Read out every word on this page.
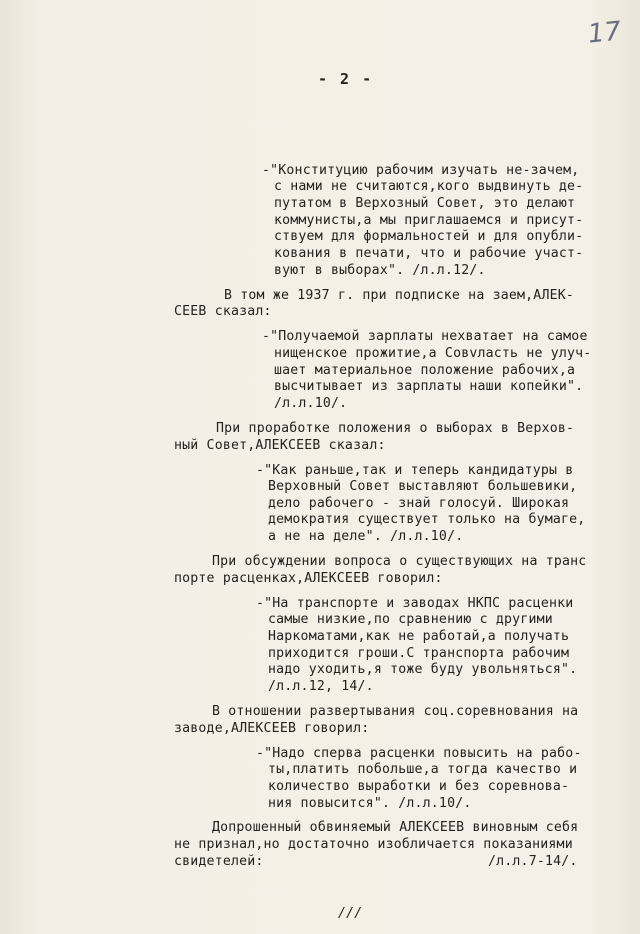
17
- 2 -
-"Конституцию рабочим изучать не-зачем,
с нами не считаются,кого выдвинуть де-
путатом в Верхозный Совет, это делают
коммунисты,а мы приглашаемся и присут-
ствуем для формальностей и для опубли-
кования в печати, что и рабочие участ-
вуют в выборах". /л.л.12/.
В том же 1937 г. при подписке на заем,АЛЕК-
СЕЕВ сказал:
-"Получаемой зарплаты нехватает на самое
нищенское прожитие,а Совvласть не улуч-
шает материальное положение рабочих,а
высчитывает из зарплаты наши копейки".
/л.л.10/.
При проработке положения о выборах в Верхов-
ный Совет,АЛЕКСЕЕВ сказал:
-"Как раньше,так и теперь кандидатуры в
Верховный Совет выставляют большевики,
дело рабочего - знай голосуй. Широкая
демократия существует только на бумаге,
а не на деле". /л.л.10/.
При обсуждении вопроса о существующих на транс
порте расценках,АЛЕКСЕЕВ говорил:
-"На транспорте и заводах НКПС расценки
самые низкие,по сравнению с другими
Наркоматами,как не работай,а получать
приходится гроши.С транспорта рабочим
надо уходить,я тоже буду увольняться".
/л.л.12, 14/.
В отношении развертывания соц.соревнования на
заводе,АЛЕКСЕЕВ говорил:
-"Надо сперва расценки повысить на рабо-
ты,платить побольше,а тогда качество и
количество выработки и без соревнова-
ния повысится". /л.л.10/.
Допрошенный обвиняемый АЛЕКСЕЕВ виновным себя
не признал,но достаточно изобличается показаниями
свидетелей:	/л.л.7-14/.
///
